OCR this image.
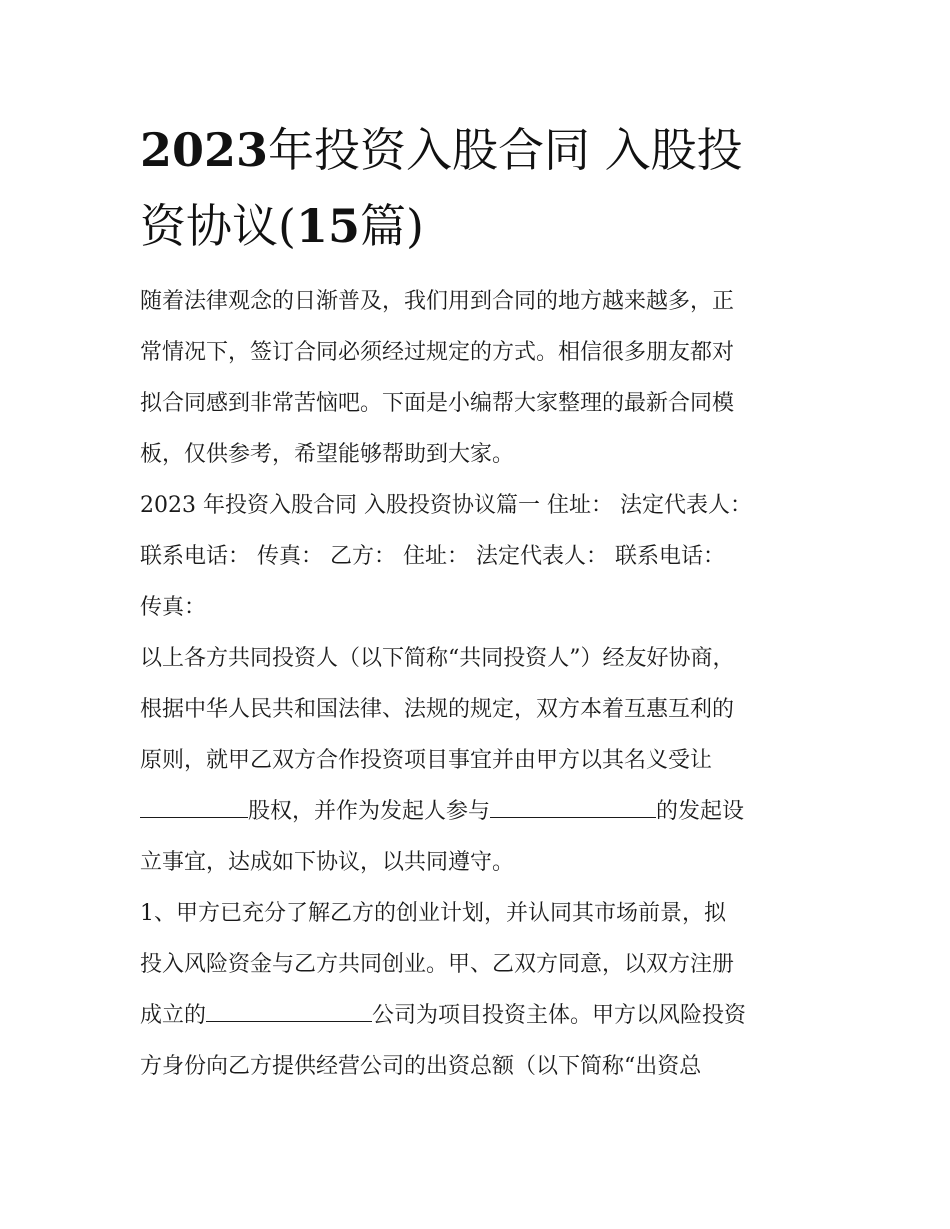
2023年投资入股合同 入股投
资协议(15篇)
随着法律观念的日渐普及，我们用到合同的地方越来越多，正
常情况下，签订合同必须经过规定的方式。相信很多朋友都对
拟合同感到非常苦恼吧。下面是小编帮大家整理的最新合同模
板，仅供参考，希望能够帮助到大家。
2023 年投资入股合同 入股投资协议篇一 住址： 法定代表人：
联系电话： 传真： 乙方： 住址： 法定代表人： 联系电话：
传真：
以上各方共同投资人（以下简称“共同投资人”）经友好协商，
根据中华人民共和国法律、法规的规定，双方本着互惠互利的
原则，就甲乙双方合作投资项目事宜并由甲方以其名义受让
股权，并作为发起人参与	的发起设
立事宜，达成如下协议，以共同遵守。
1、甲方已充分了解乙方的创业计划，并认同其市场前景，拟
投入风险资金与乙方共同创业。甲、乙双方同意，以双方注册
成立的	公司为项目投资主体。甲方以风险投资
方身份向乙方提供经营公司的出资总额（以下简称“出资总
